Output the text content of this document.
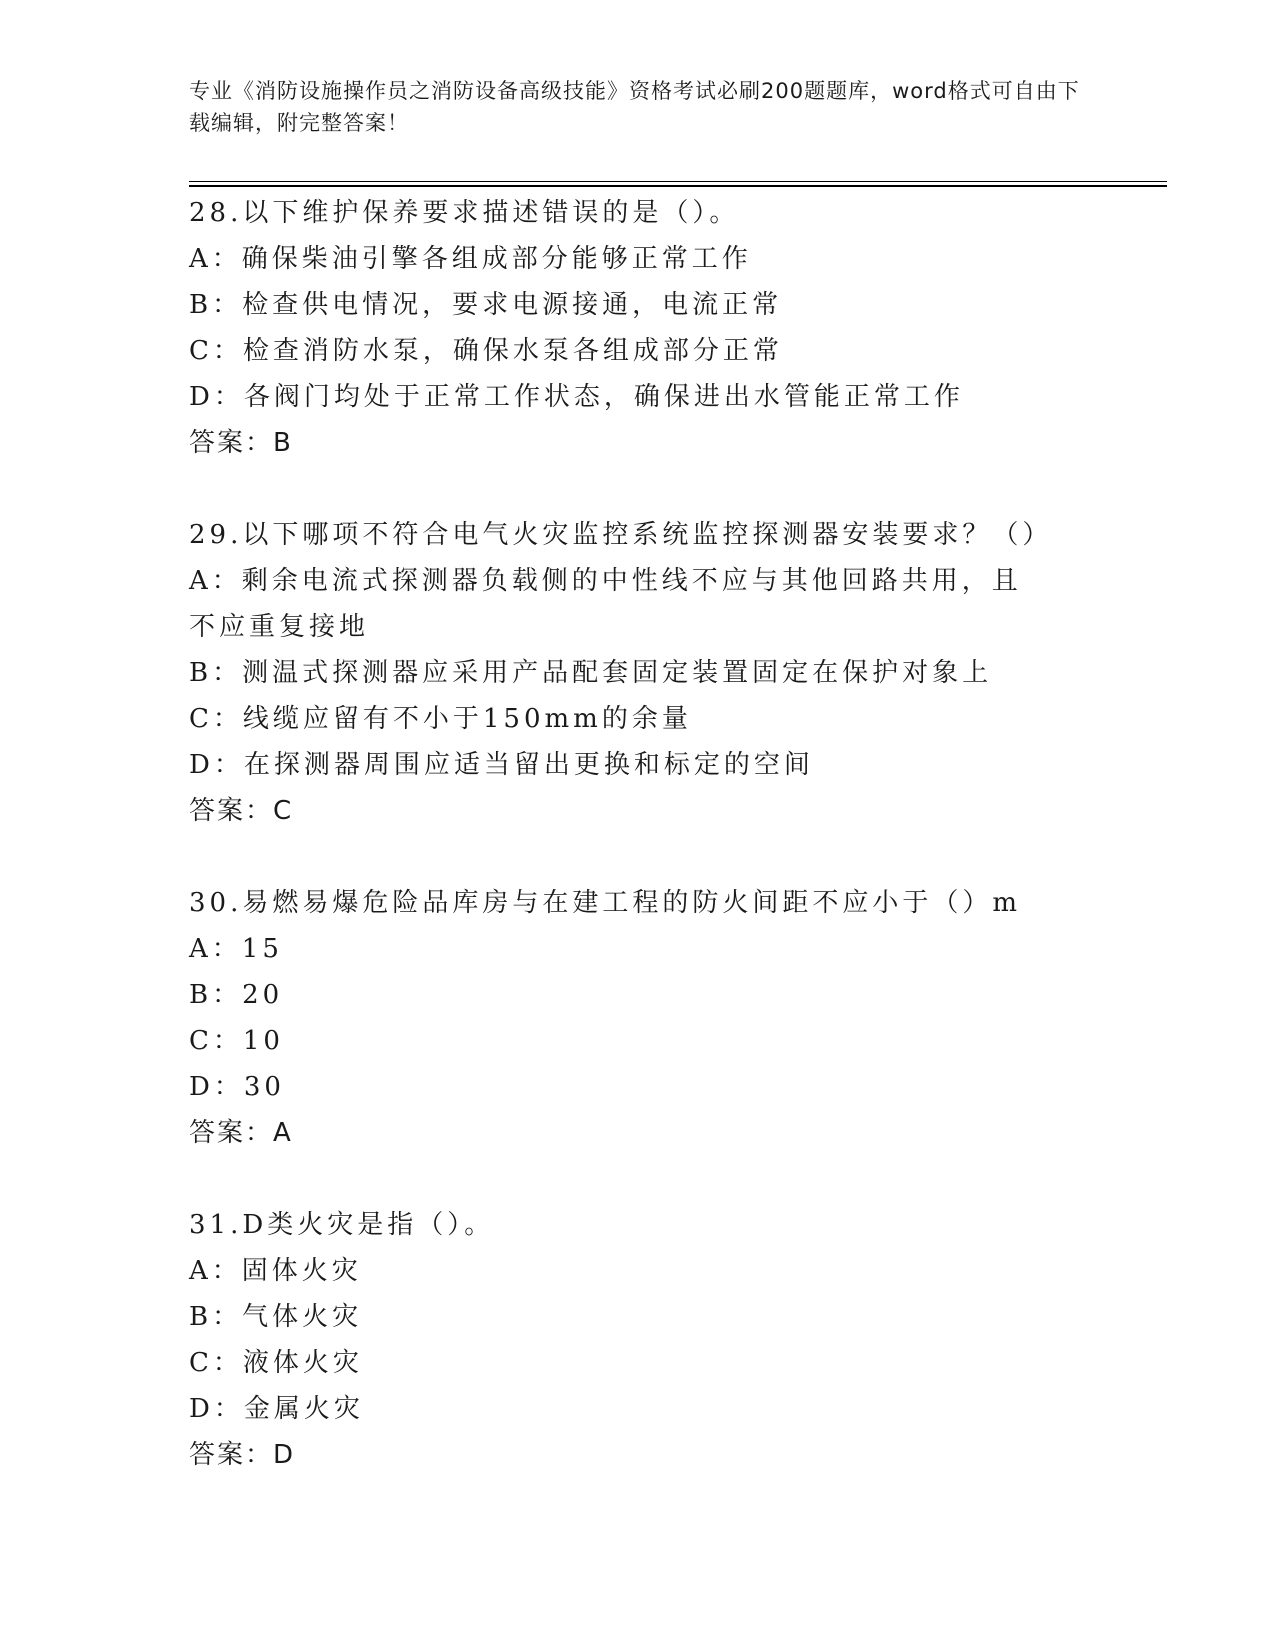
专业《消防设施操作员之消防设备高级技能》资格考试必刷200题题库，word格式可自由下载编辑，附完整答案！
28.以下维护保养要求描述错误的是（）。
A：确保柴油引擎各组成部分能够正常工作
B：检查供电情况，要求电源接通，电流正常
C：检查消防水泵，确保水泵各组成部分正常
D：各阀门均处于正常工作状态，确保进出水管能正常工作
答案：B
29.以下哪项不符合电气火灾监控系统监控探测器安装要求？（）
A：剩余电流式探测器负载侧的中性线不应与其他回路共用，且不应重复接地
B：测温式探测器应采用产品配套固定装置固定在保护对象上
C：线缆应留有不小于150mm的余量
D：在探测器周围应适当留出更换和标定的空间
答案：C
30.易燃易爆危险品库房与在建工程的防火间距不应小于（）m
A：15
B：20
C：10
D：30
答案：A
31.D类火灾是指（）。
A：固体火灾
B：气体火灾
C：液体火灾
D：金属火灾
答案：D
